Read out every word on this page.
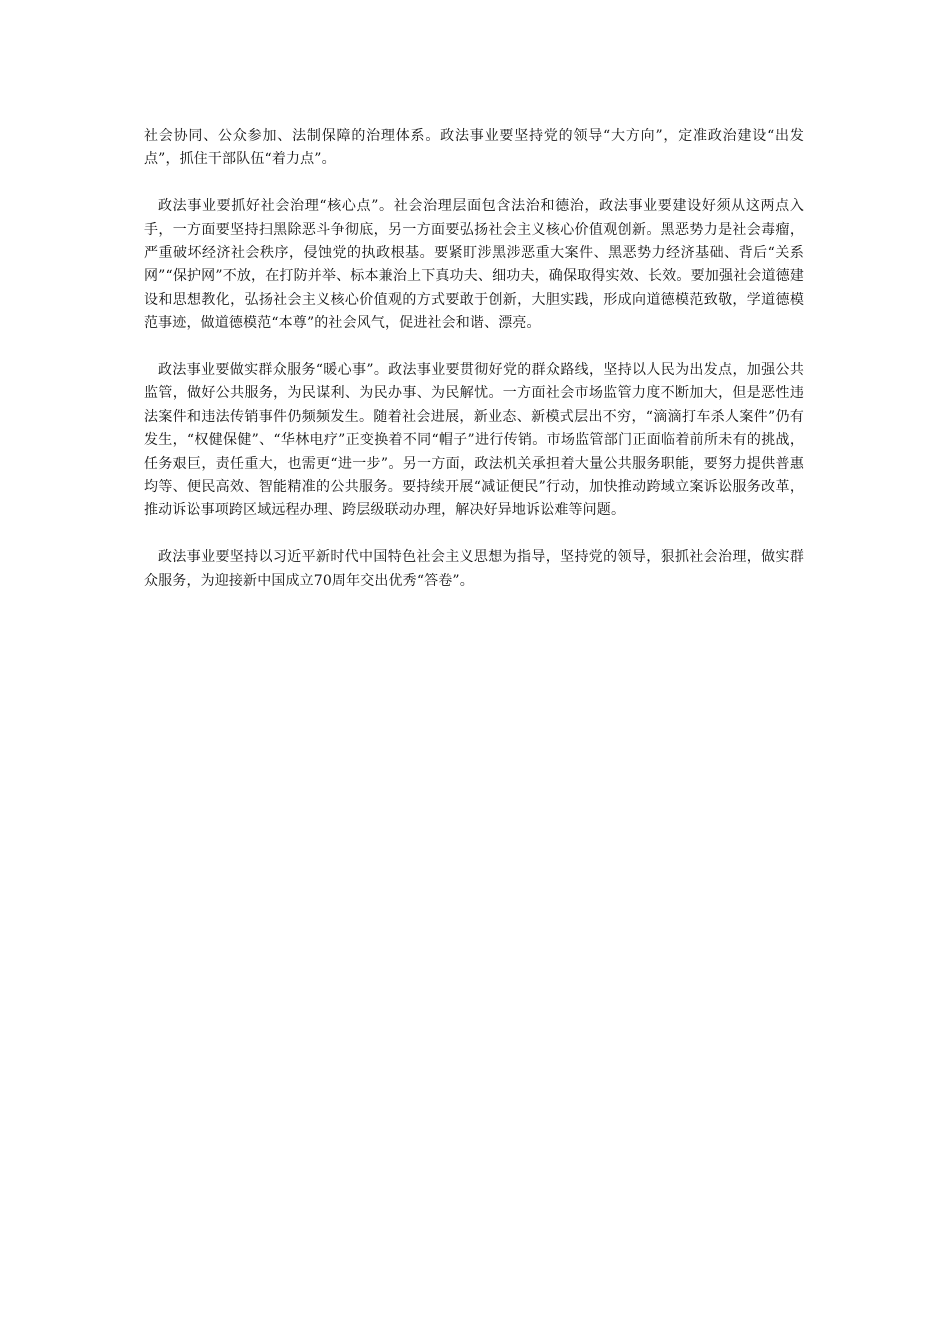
社会协同、公众参加、法制保障的治理体系。政法事业要坚持党的领导“大方向”，定准政治建设“出发点”，抓住干部队伍“着力点”。

政法事业要抓好社会治理“核心点”。社会治理层面包含法治和德治，政法事业要建设好须从这两点入手，一方面要坚持扫黑除恶斗争彻底，另一方面要弘扬社会主义核心价值观创新。黑恶势力是社会毒瘤，严重破坏经济社会秩序，侵蚀党的执政根基。要紧盯涉黑涉恶重大案件、黑恶势力经济基础、背后“关系网”“保护网”不放，在打防并举、标本兼治上下真功夫、细功夫，确保取得实效、长效。要加强社会道德建设和思想教化，弘扬社会主义核心价值观的方式要敢于创新，大胆实践，形成向道德模范致敬，学道德模范事迹，做道德模范“本尊”的社会风气，促进社会和谐、漂亮。

政法事业要做实群众服务“暖心事”。政法事业要贯彻好党的群众路线，坚持以人民为出发点，加强公共监管，做好公共服务，为民谋利、为民办事、为民解忧。一方面社会市场监管力度不断加大，但是恶性违法案件和违法传销事件仍频频发生。随着社会进展，新业态、新模式层出不穷，“滴滴打车杀人案件”仍有发生，“权健保健”、“华林电疗”正变换着不同“帽子”进行传销。市场监管部门正面临着前所未有的挑战，任务艰巨，责任重大，也需更“进一步”。另一方面，政法机关承担着大量公共服务职能，要努力提供普惠均等、便民高效、智能精准的公共服务。要持续开展“减证便民”行动，加快推动跨域立案诉讼服务改革，推动诉讼事项跨区域远程办理、跨层级联动办理，解决好异地诉讼难等问题。

政法事业要坚持以习近平新时代中国特色社会主义思想为指导，坚持党的领导，狠抓社会治理，做实群众服务，为迎接新中国成立70周年交出优秀“答卷”。
